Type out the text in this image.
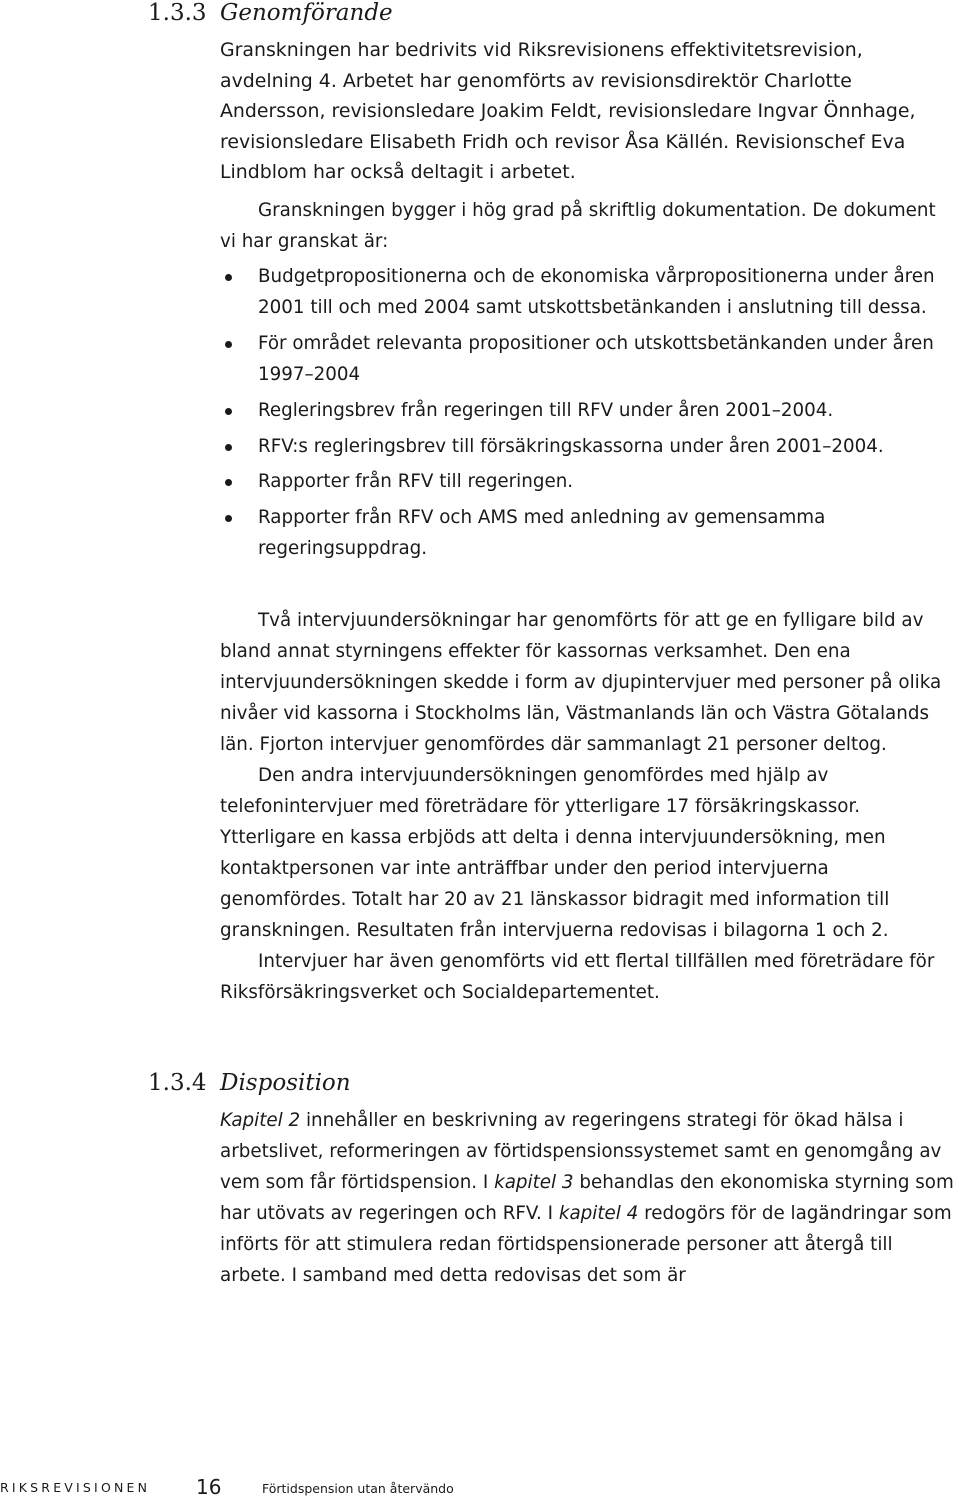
1.3.3 Genomförande

Granskningen har bedrivits vid Riksrevisionens effektivitetsrevision, avdelning 4. Arbetet har genomförts av revisionsdirektör Charlotte Andersson, revisionsledare Joakim Feldt, revisionsledare Ingvar Önnhage, revisionsledare Elisabeth Fridh och revisor Åsa Källén. Revisionschef Eva Lindblom har också deltagit i arbetet.

Granskningen bygger i hög grad på skriftlig dokumentation. De dokument vi har granskat är:

Budgetpropositionerna och de ekonomiska vårpropositionerna under åren 2001 till och med 2004 samt utskottsbetänkanden i anslutning till dessa.
För området relevanta propositioner och utskottsbetänkanden under åren 1997–2004
Regleringsbrev från regeringen till RFV under åren 2001–2004.
RFV:s regleringsbrev till försäkringskassorna under åren 2001–2004.
Rapporter från RFV till regeringen.
Rapporter från RFV och AMS med anledning av gemensamma regeringsuppdrag.

Två intervjuundersökningar har genomförts för att ge en fylligare bild av bland annat styrningens effekter för kassornas verksamhet. Den ena intervjuundersökningen skedde i form av djupintervjuer med personer på olika nivåer vid kassorna i Stockholms län, Västmanlands län och Västra Götalands län. Fjorton intervjuer genomfördes där sammanlagt 21 personer deltog.

Den andra intervjuundersökningen genomfördes med hjälp av telefonintervjuer med företrädare för ytterligare 17 försäkringskassor. Ytterligare en kassa erbjöds att delta i denna intervjuundersökning, men kontaktpersonen var inte anträffbar under den period intervjuerna genomfördes. Totalt har 20 av 21 länskassor bidragit med information till granskningen. Resultaten från intervjuerna redovisas i bilagorna 1 och 2.

Intervjuer har även genomförts vid ett flertal tillfällen med företrädare för Riksförsäkringsverket och Socialdepartementet.

1.3.4 Disposition

Kapitel 2 innehåller en beskrivning av regeringens strategi för ökad hälsa i arbetslivet, reformeringen av förtidspensionssystemet samt en genomgång av vem som får förtidspension. I kapitel 3 behandlas den ekonomiska styrning som har utövats av regeringen och RFV. I kapitel 4 redogörs för de lagändringar som införts för att stimulera redan förtidspensionerade personer att återgå till arbete. I samband med detta redovisas det som är

RIKSREVISIONEN 16	Förtidspension utan återvändo
